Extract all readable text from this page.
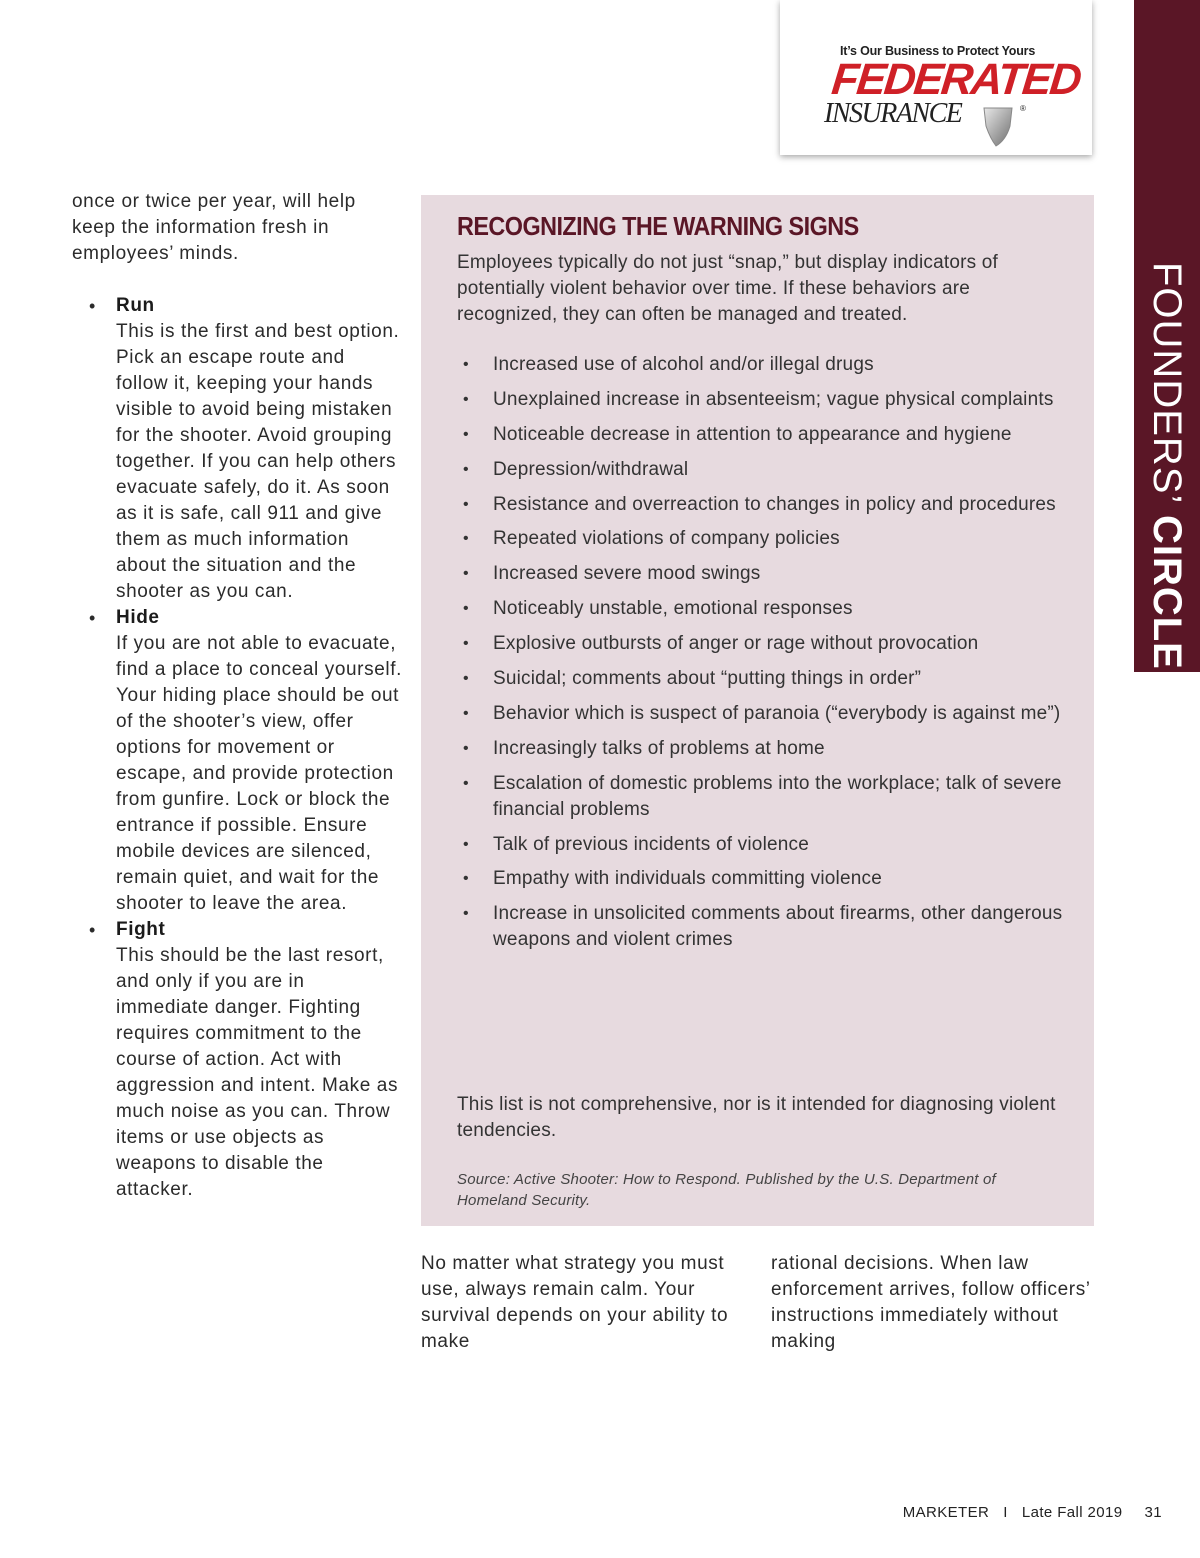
FOUNDERS’ CIRCLE
It’s Our Business to Protect Yours
FEDERATED
INSURANCE	®

once or twice per year, will help keep the information fresh in employees’ minds.

• Run
This is the first and best option. Pick an escape route and follow it, keeping your hands visible to avoid being mistaken for the shooter. Avoid grouping together. If you can help others evacuate safely, do it. As soon as it is safe, call 911 and give them as much information about the situation and the shooter as you can.
• Hide
If you are not able to evacuate, find a place to conceal yourself. Your hiding place should be out of the shooter’s view, offer options for movement or escape, and provide protection from gunfire. Lock or block the entrance if possible. Ensure mobile devices are silenced, remain quiet, and wait for the shooter to leave the area.
• Fight
This should be the last resort, and only if you are in immediate danger. Fighting requires commitment to the course of action. Act with aggression and intent. Make as much noise as you can. Throw items or use objects as weapons to disable the attacker.
RECOGNIZING THE WARNING SIGNS

Employees typically do not just “snap,” but display indicators of potentially violent behavior over time. If these behaviors are recognized, they can often be managed and treated.

• Increased use of alcohol and/or illegal drugs
• Unexplained increase in absenteeism; vague physical complaints
• Noticeable decrease in attention to appearance and hygiene
• Depression/withdrawal
• Resistance and overreaction to changes in policy and procedures
• Repeated violations of company policies
• Increased severe mood swings
• Noticeably unstable, emotional responses
• Explosive outbursts of anger or rage without provocation
• Suicidal; comments about “putting things in order”
• Behavior which is suspect of paranoia (“everybody is against me”)
• Increasingly talks of problems at home
• Escalation of domestic problems into the workplace; talk of severe financial problems
• Talk of previous incidents of violence
• Empathy with individuals committing violence
• Increase in unsolicited comments about firearms, other dangerous weapons and violent crimes

This list is not comprehensive, nor is it intended for diagnosing violent tendencies.

Source: Active Shooter: How to Respond. Published by the U.S. Department of Homeland Security.

No matter what strategy you must use, always remain calm. Your survival depends on your ability to make

rational decisions. When law enforcement arrives, follow officers’ instructions immediately without making

MARKETER I Late Fall 2019 31
